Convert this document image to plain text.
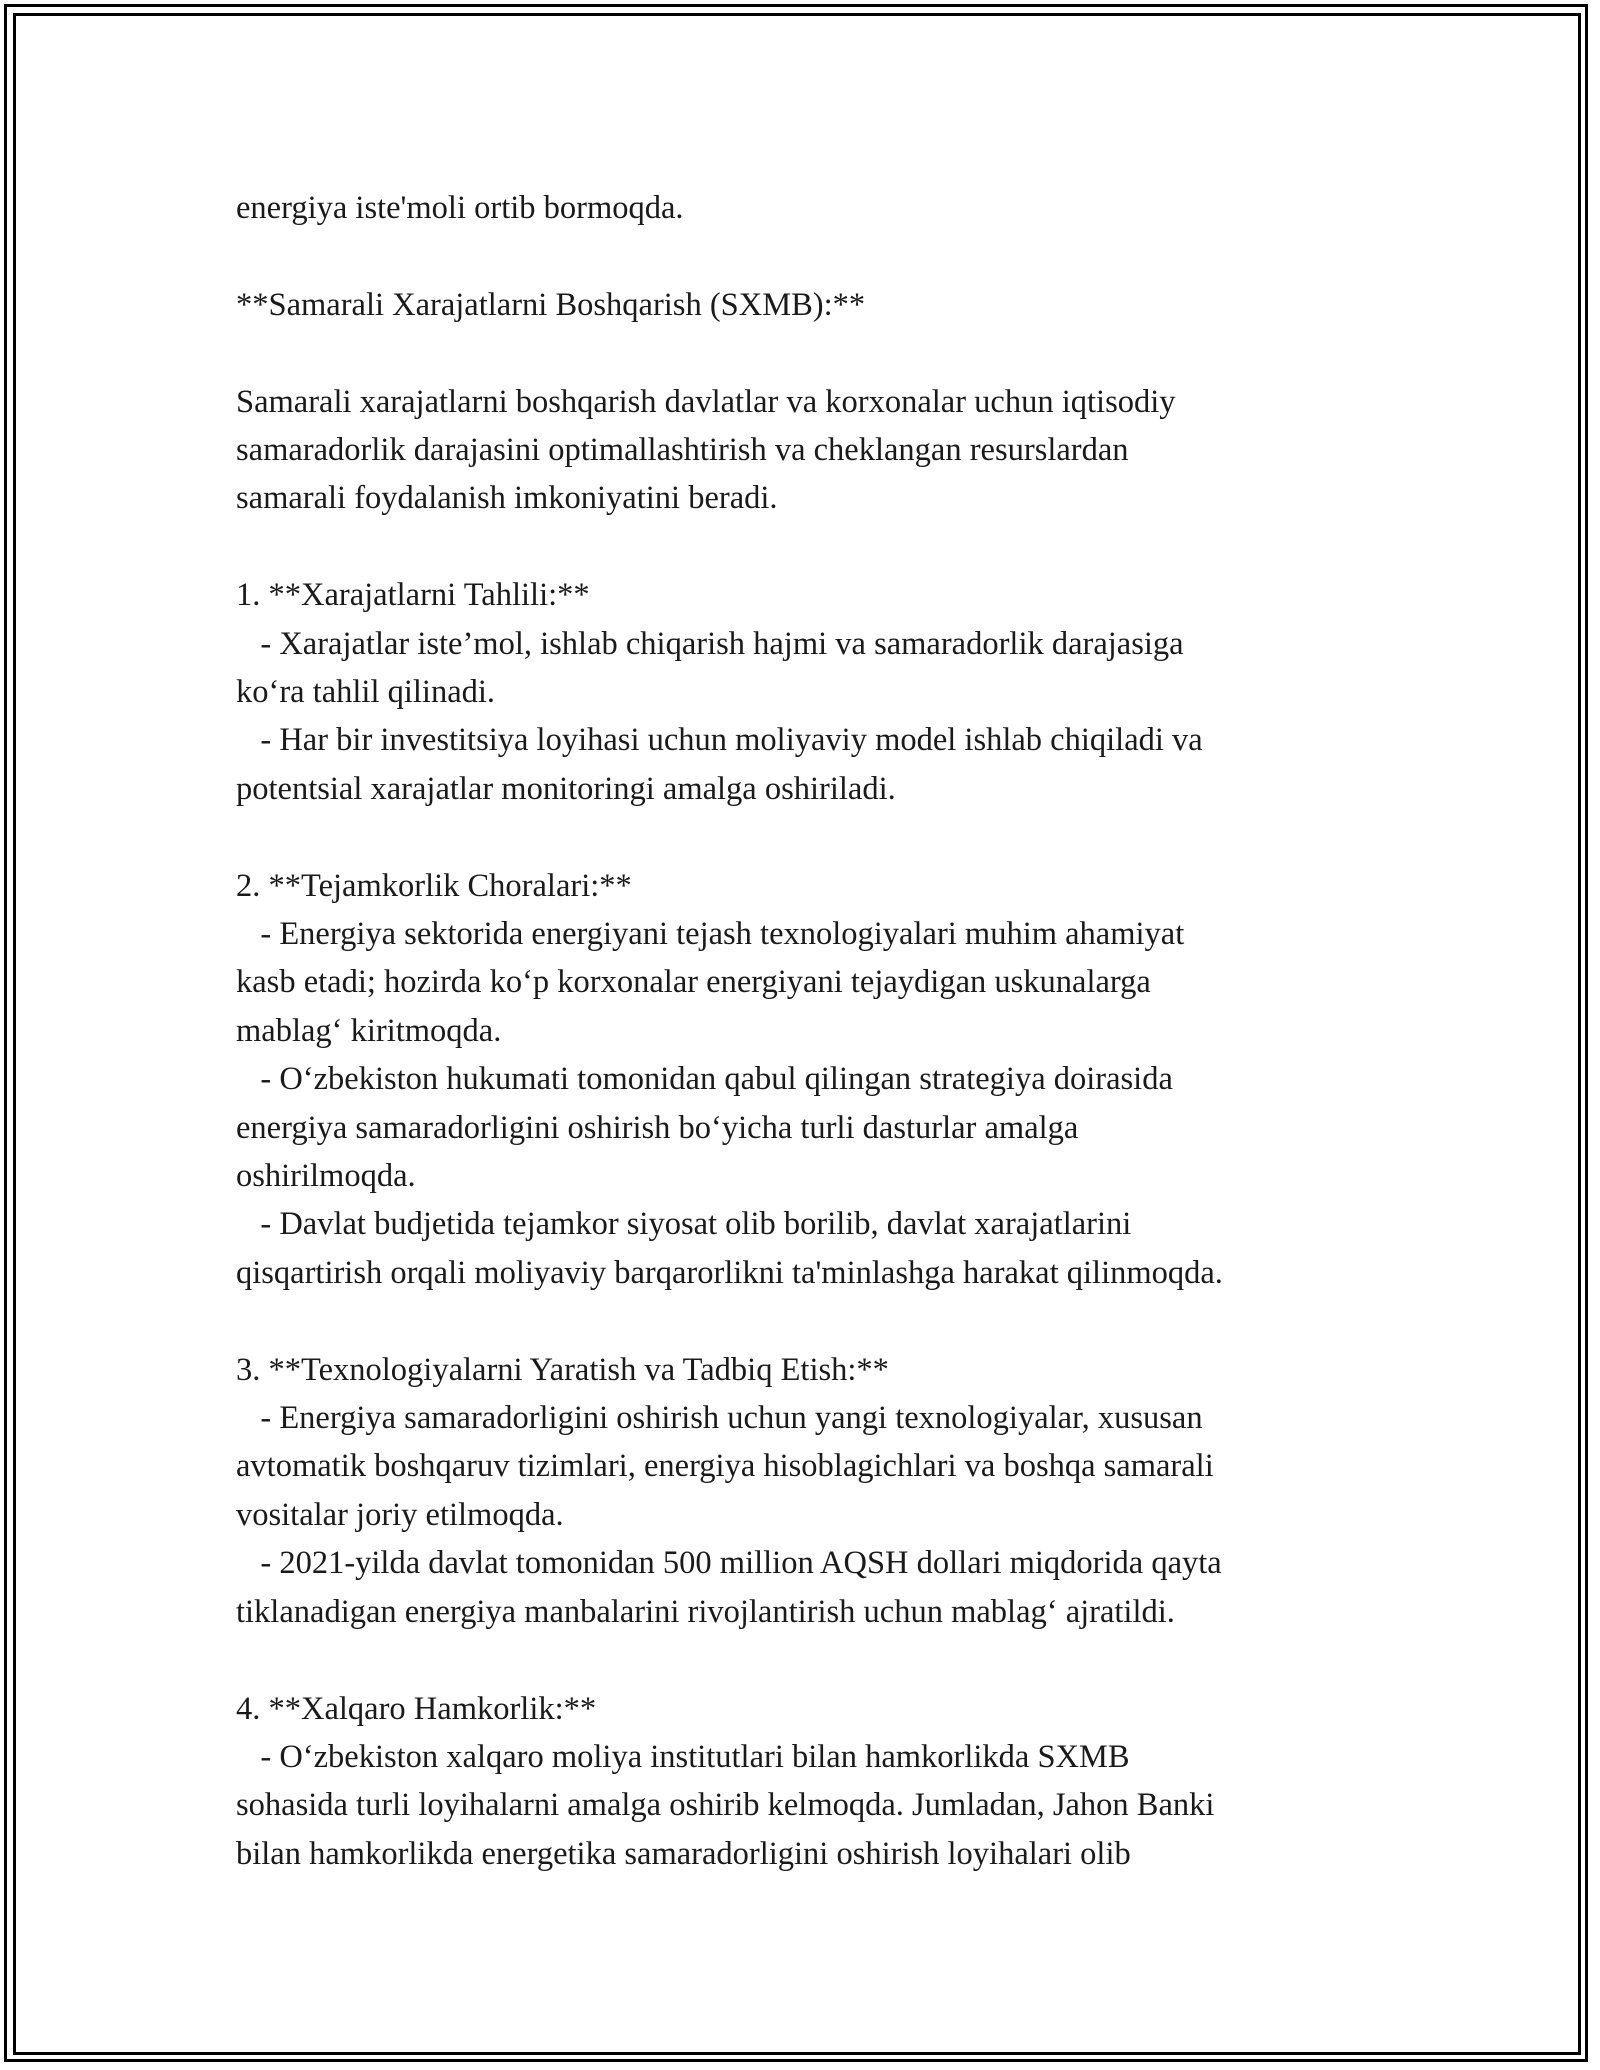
energiya iste'moli ortib bormoqda.

**Samarali Xarajatlarni Boshqarish (SXMB):**

Samarali xarajatlarni boshqarish davlatlar va korxonalar uchun iqtisodiy
samaradorlik darajasini optimallashtirish va cheklangan resurslardan
samarali foydalanish imkoniyatini beradi.

1. **Xarajatlarni Tahlili:**

- Xarajatlar iste’mol, ishlab chiqarish hajmi va samaradorlik darajasiga
ko‘ra tahlil qilinadi.

- Har bir investitsiya loyihasi uchun moliyaviy model ishlab chiqiladi va
potentsial xarajatlar monitoringi amalga oshiriladi.

2. **Tejamkorlik Choralari:**

- Energiya sektorida energiyani tejash texnologiyalari muhim ahamiyat
kasb etadi; hozirda ko‘p korxonalar energiyani tejaydigan uskunalarga
mablag‘ kiritmoqda.

- O‘zbekiston hukumati tomonidan qabul qilingan strategiya doirasida
energiya samaradorligini oshirish bo‘yicha turli dasturlar amalga
oshirilmoqda.

- Davlat budjetida tejamkor siyosat olib borilib, davlat xarajatlarini
qisqartirish orqali moliyaviy barqarorlikni ta'minlashga harakat qilinmoqda.

3. **Texnologiyalarni Yaratish va Tadbiq Etish:**

- Energiya samaradorligini oshirish uchun yangi texnologiyalar, xususan
avtomatik boshqaruv tizimlari, energiya hisoblagichlari va boshqa samarali
vositalar joriy etilmoqda.

- 2021-yilda davlat tomonidan 500 million AQSH dollari miqdorida qayta
tiklanadigan energiya manbalarini rivojlantirish uchun mablag‘ ajratildi.

4. **Xalqaro Hamkorlik:**

- O‘zbekiston xalqaro moliya institutlari bilan hamkorlikda SXMB
sohasida turli loyihalarni amalga oshirib kelmoqda. Jumladan, Jahon Banki
bilan hamkorlikda energetika samaradorligini oshirish loyihalari olib
